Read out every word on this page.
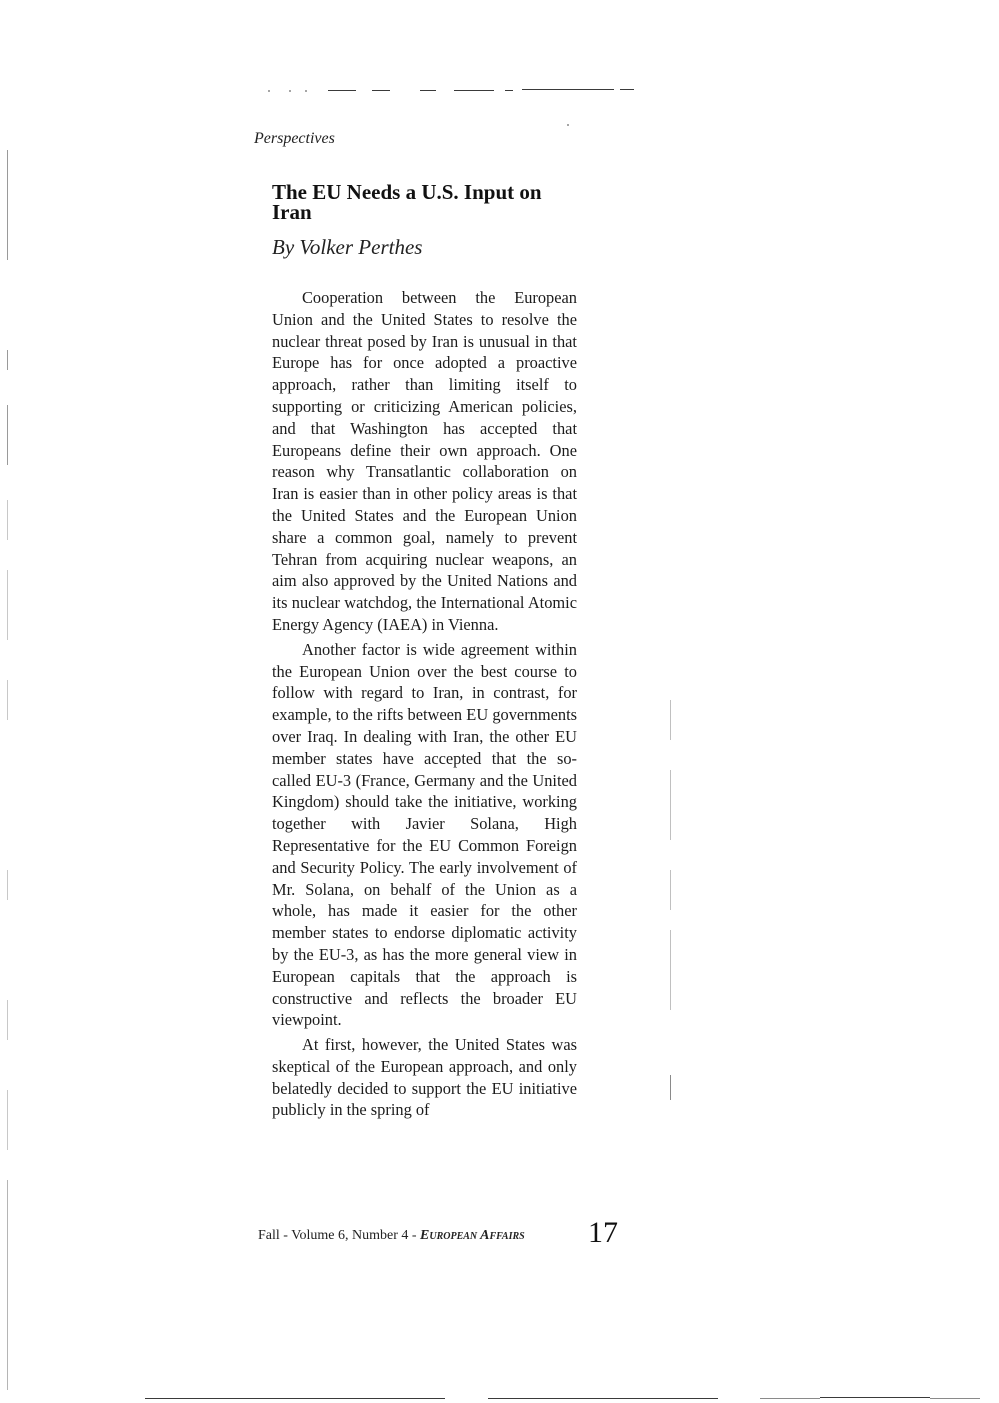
Perspectives
The EU Needs a U.S. Input on Iran
By Volker Perthes

Cooperation between the European Union and the United States to resolve the nuclear threat posed by Iran is unusual in that Europe has for once adopted a proactive approach, rather than limiting itself to supporting or criticizing American policies, and that Washington has accepted that Europeans define their own approach. One reason why Transatlantic collaboration on Iran is easier than in other policy areas is that the United States and the European Union share a common goal, namely to prevent Tehran from acquiring nuclear weapons, an aim also approved by the United Nations and its nuclear watchdog, the International Atomic Energy Agency (IAEA) in Vienna.

Another factor is wide agreement within the European Union over the best course to follow with regard to Iran, in contrast, for example, to the rifts between EU governments over Iraq. In dealing with Iran, the other EU member states have accepted that the so-called EU-3 (France, Germany and the United Kingdom) should take the initiative, working together with Javier Solana, High Representative for the EU Common Foreign and Security Policy. The early involvement of Mr. Solana, on behalf of the Union as a whole, has made it easier for the other member states to endorse diplomatic activity by the EU-3, as has the more general view in European capitals that the approach is constructive and reflects the broader EU viewpoint.

At first, however, the United States was skeptical of the European approach, and only belatedly decided to support the EU initiative publicly in the spring of

Fall - Volume 6, Number 4 - European Affairs 17
